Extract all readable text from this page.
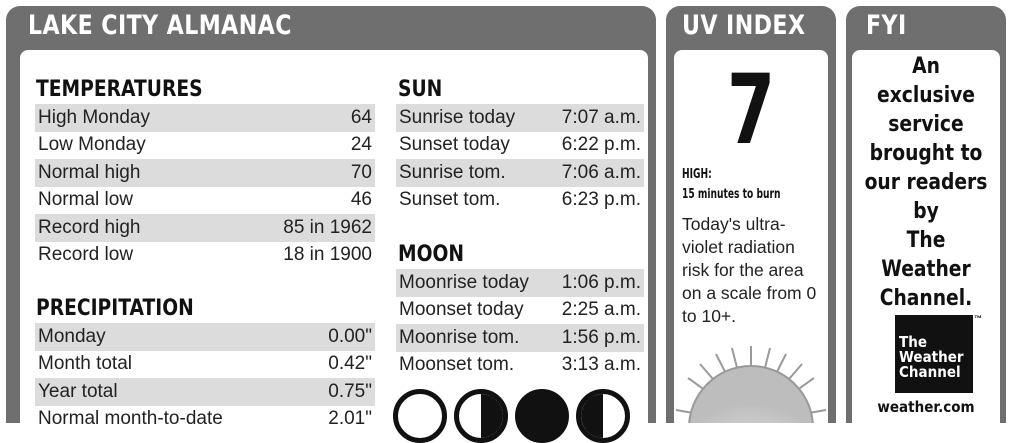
LAKE CITY ALMANAC
TEMPERATURES
High Monday	64
Low Monday	24
Normal high	70
Normal low	46
Record high	85 in 1962
Record low	18 in 1900
PRECIPITATION
Monday	0.00"
Month total	0.42"
Year total	0.75"
Normal month-to-date	2.01"
SUN
Sunrise today 7:07 a.m.
Sunset today	6:22 p.m.
Sunrise tom.	7:06 a.m.
Sunset tom.	6:23 p.m.
MOON
Moonrise today 1:06 p.m.
Moonset today 2:25 a.m.
Moonrise tom. 1:56 p.m.
Moonset tom.	3:13 a.m.
UV INDEX
7
HIGH:
15 minutes to burn
Today's ultra-violet radiation risk for the area on a scale from 0 to 10+.
FYI
An exclusive
service
brought to
our readers
by
The Weather
Channel.
The
Weather
Channel
™
weather.com
